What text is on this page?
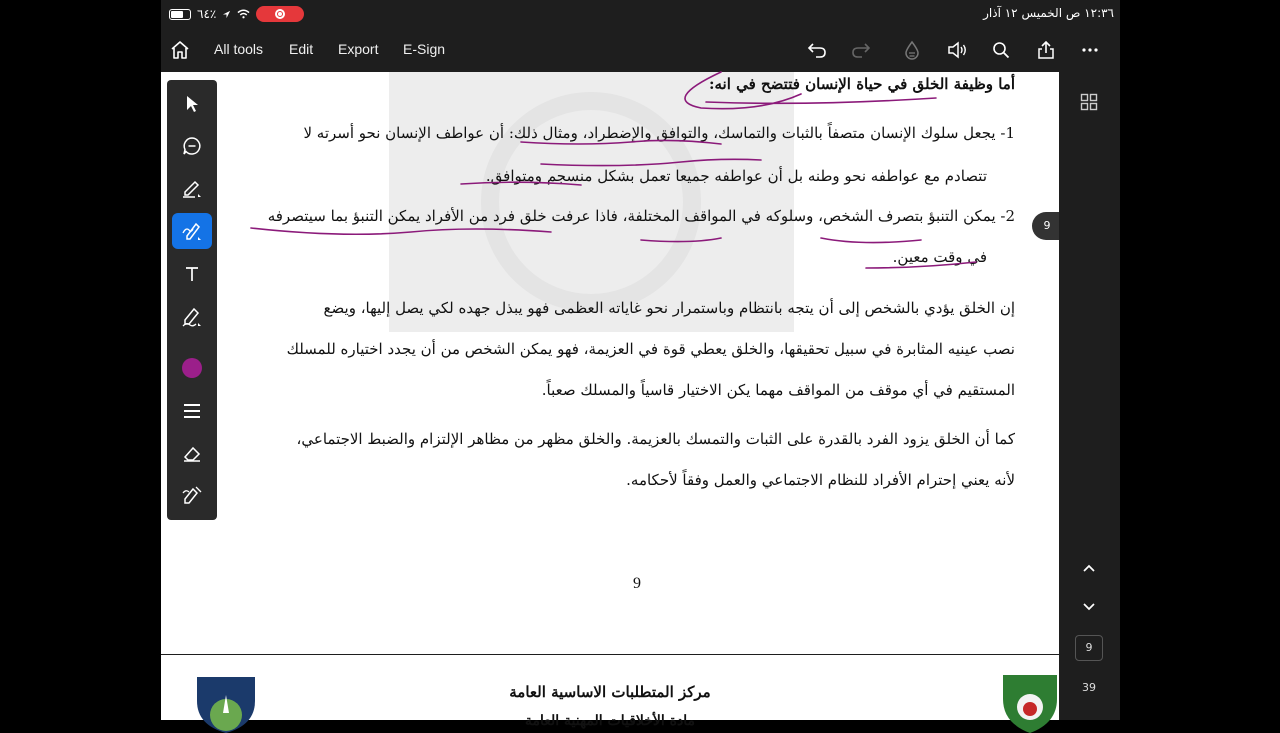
٦٤٪	١٢:٣٦ ص الخميس ١٢ آذار
All tools Edit Export E-Sign
أما وظيفة الخلق في حياة الإنسان فتتضح في انه:
1- يجعل سلوك الإنسان متصفاً بالثبات والتماسك، والتوافق والإضطراد، ومثال ذلك: أن عواطف الإنسان نحو أسرته لا
تتصادم مع عواطفه نحو وطنه بل أن عواطفه جميعا تعمل بشكل منسجم ومتوافق.
2- يمكن التنبؤ بتصرف الشخص، وسلوكه في المواقف المختلفة، فاذا عرفت خلق فرد من الأفراد يمكن التنبؤ بما سيتصرفه
في وقت معين.
إن الخلق يؤدي بالشخص إلى أن يتجه بانتظام وباستمرار نحو غاياته العظمى فهو يبذل جهده لكي يصل إليها، ويضع
نصب عينيه المثابرة في سبيل تحقيقها، والخلق يعطي قوة في العزيمة، فهو يمكن الشخص من أن يجدد اختياره للمسلك
المستقيم في أي موقف من المواقف مهما يكن الاختيار قاسياً والمسلك صعباً.
كما أن الخلق يزود الفرد بالقدرة على الثبات والتمسك بالعزيمة. والخلق مظهر من مظاهر الإلتزام والضبط الاجتماعي،
لأنه يعني إحترام الأفراد للنظام الاجتماعي والعمل وفقاً لأحكامه.
9
مركز المتطلبات الاساسية العامة
مادة الأخلاقيات المهنية العامة
9
9
39
